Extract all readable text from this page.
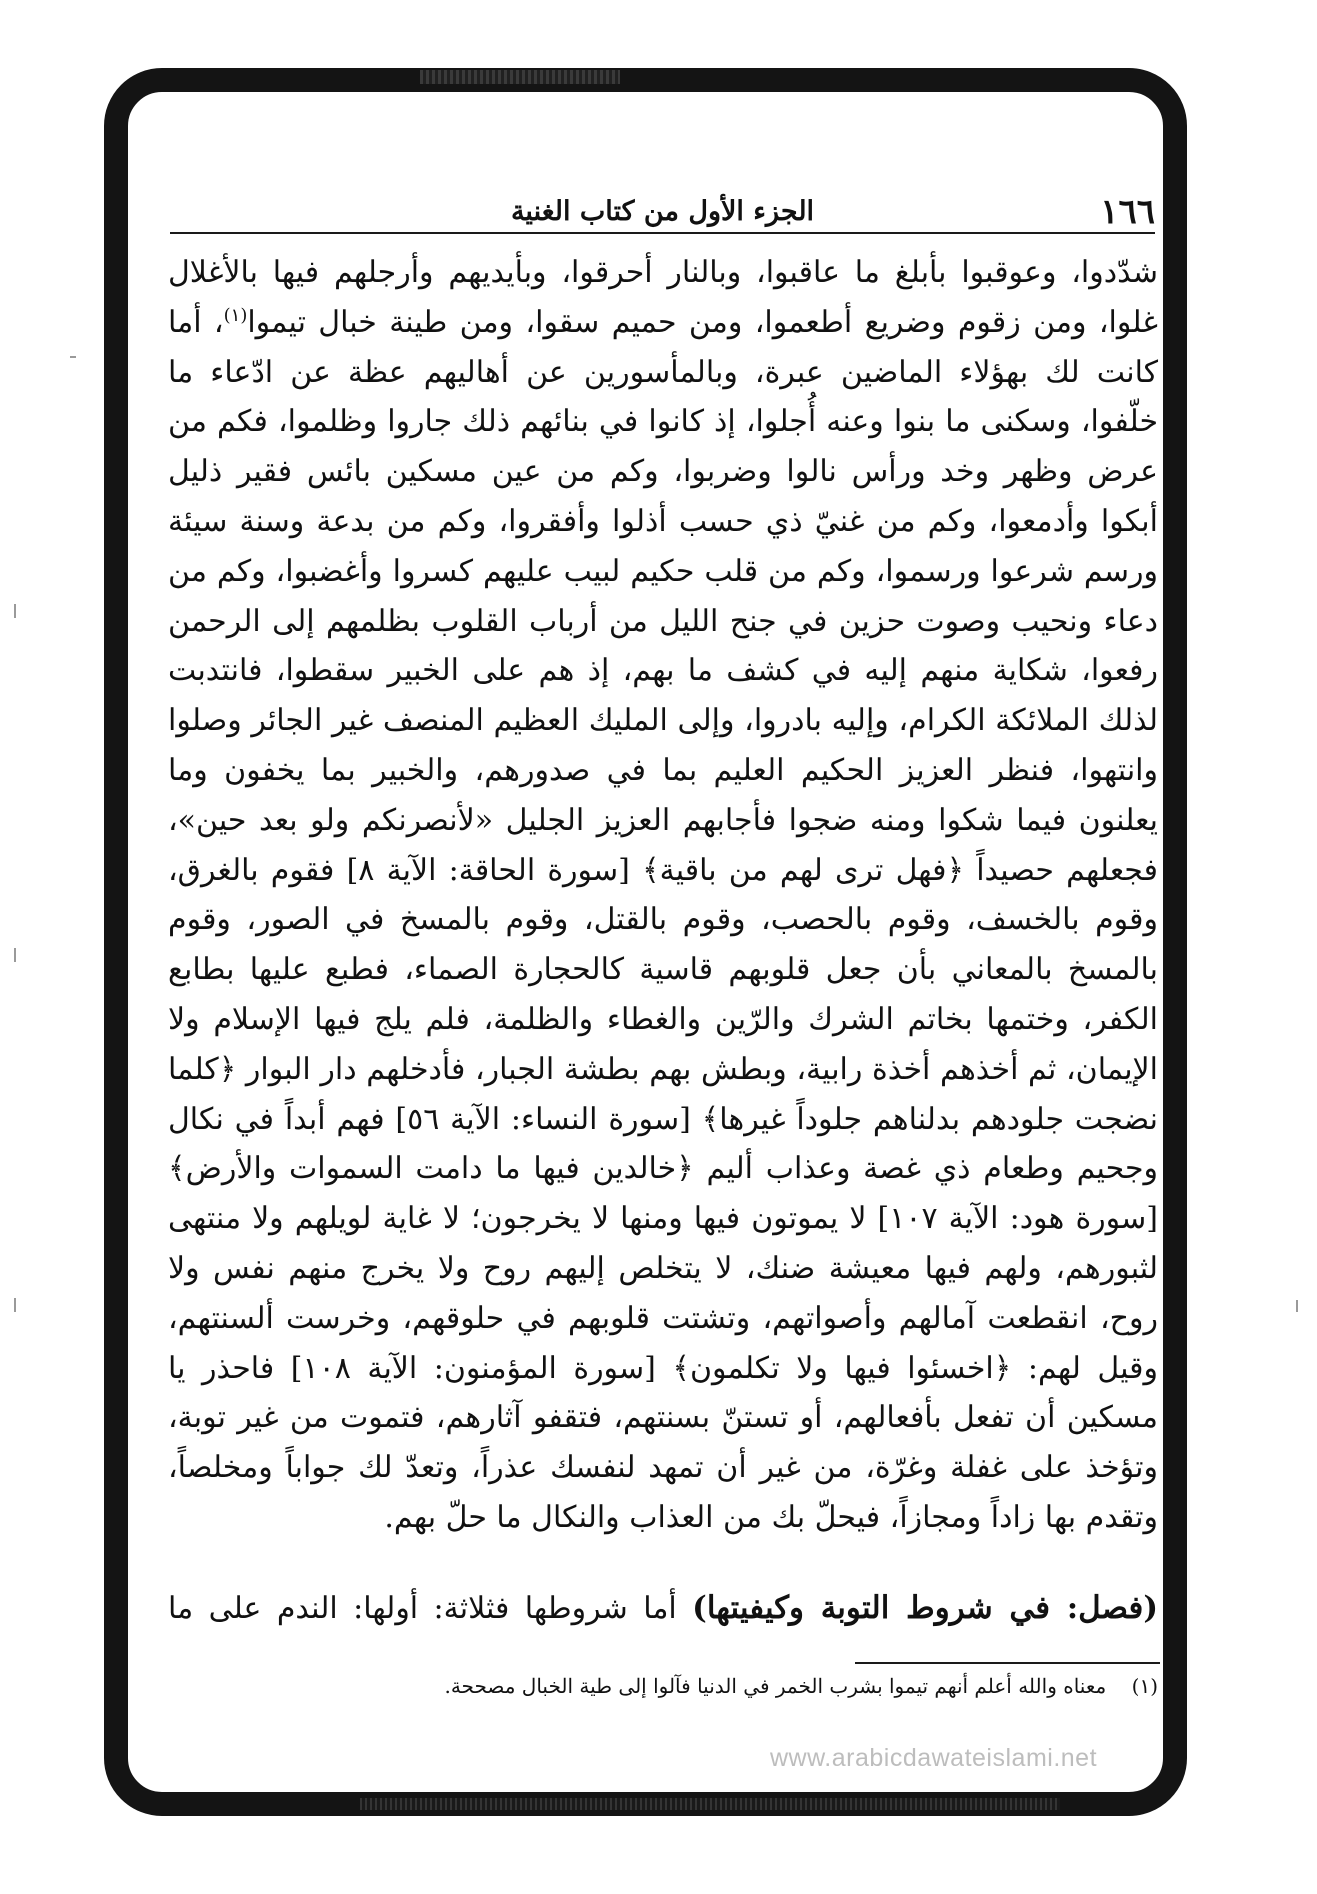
١٦٦
الجزء الأول من كتاب الغنية

شدّدوا، وعوقبوا بأبلغ ما عاقبوا، وبالنار أحرقوا، وبأيديهم وأرجلهم فيها بالأغلال غلوا، ومن زقوم وضريع أطعموا، ومن حميم سقوا، ومن طينة خبال تيموا$^{(١)}$، أما كانت لك بهؤلاء الماضين عبرة، وبالمأسورين عن أهاليهم عظة عن ادّعاء ما خلّفوا، وسكنى ما بنوا وعنه أُجلوا، إذ كانوا في بنائهم ذلك جاروا وظلموا، فكم من عرض وظهر وخد ورأس نالوا وضربوا، وكم من عين مسكين بائس فقير ذليل أبكوا وأدمعوا، وكم من غنيّ ذي حسب أذلوا وأفقروا، وكم من بدعة وسنة سيئة ورسم شرعوا ورسموا، وكم من قلب حكيم لبيب عليهم كسروا وأغضبوا، وكم من دعاء ونحيب وصوت حزين في جنح الليل من أرباب القلوب بظلمهم إلى الرحمن رفعوا، شكاية منهم إليه في كشف ما بهم، إذ هم على الخبير سقطوا، فانتدبت لذلك الملائكة الكرام، وإليه بادروا، وإلى المليك العظيم المنصف غير الجائر وصلوا وانتهوا، فنظر العزيز الحكيم العليم بما في صدورهم، والخبير بما يخفون وما يعلنون فيما شكوا ومنه ضجوا فأجابهم العزيز الجليل «لأنصرنكم ولو بعد حين»، فجعلهم حصيداً ﴿فهل ترى لهم من باقية﴾ [سورة الحاقة: الآية ٨] فقوم بالغرق، وقوم بالخسف، وقوم بالحصب، وقوم بالقتل، وقوم بالمسخ في الصور، وقوم بالمسخ بالمعاني بأن جعل قلوبهم قاسية كالحجارة الصماء، فطبع عليها بطابع الكفر، وختمها بخاتم الشرك والرّين والغطاء والظلمة، فلم يلج فيها الإسلام ولا الإيمان، ثم أخذهم أخذة رابية، وبطش بهم بطشة الجبار، فأدخلهم دار البوار ﴿كلما نضجت جلودهم بدلناهم جلوداً غيرها﴾ [سورة النساء: الآية ٥٦] فهم أبداً في نكال وجحيم وطعام ذي غصة وعذاب أليم ﴿خالدين فيها ما دامت السموات والأرض﴾ [سورة هود: الآية ١٠٧] لا يموتون فيها ومنها لا يخرجون؛ لا غاية لويلهم ولا منتهى لثبورهم، ولهم فيها معيشة ضنك، لا يتخلص إليهم روح ولا يخرج منهم نفس ولا روح، انقطعت آمالهم وأصواتهم، وتشتت قلوبهم في حلوقهم، وخرست ألسنتهم، وقيل لهم: ﴿اخسئوا فيها ولا تكلمون﴾ [سورة المؤمنون: الآية ١٠٨] فاحذر يا مسكين أن تفعل بأفعالهم، أو تستنّ بسنتهم، فتقفو آثارهم، فتموت من غير توبة، وتؤخذ على غفلة وغرّة، من غير أن تمهد لنفسك عذراً، وتعدّ لك جواباً ومخلصاً، وتقدم بها زاداً ومجازاً، فيحلّ بك من العذاب والنكال ما حلّ بهم.

(فصل: في شروط التوبة وكيفيتها) أما شروطها فثلاثة: أولها: الندم على ما
(١)    معناه والله أعلم أنهم تيموا بشرب الخمر في الدنيا فآلوا إلى طية الخبال مصححة.
www.arabicdawateislami.net
